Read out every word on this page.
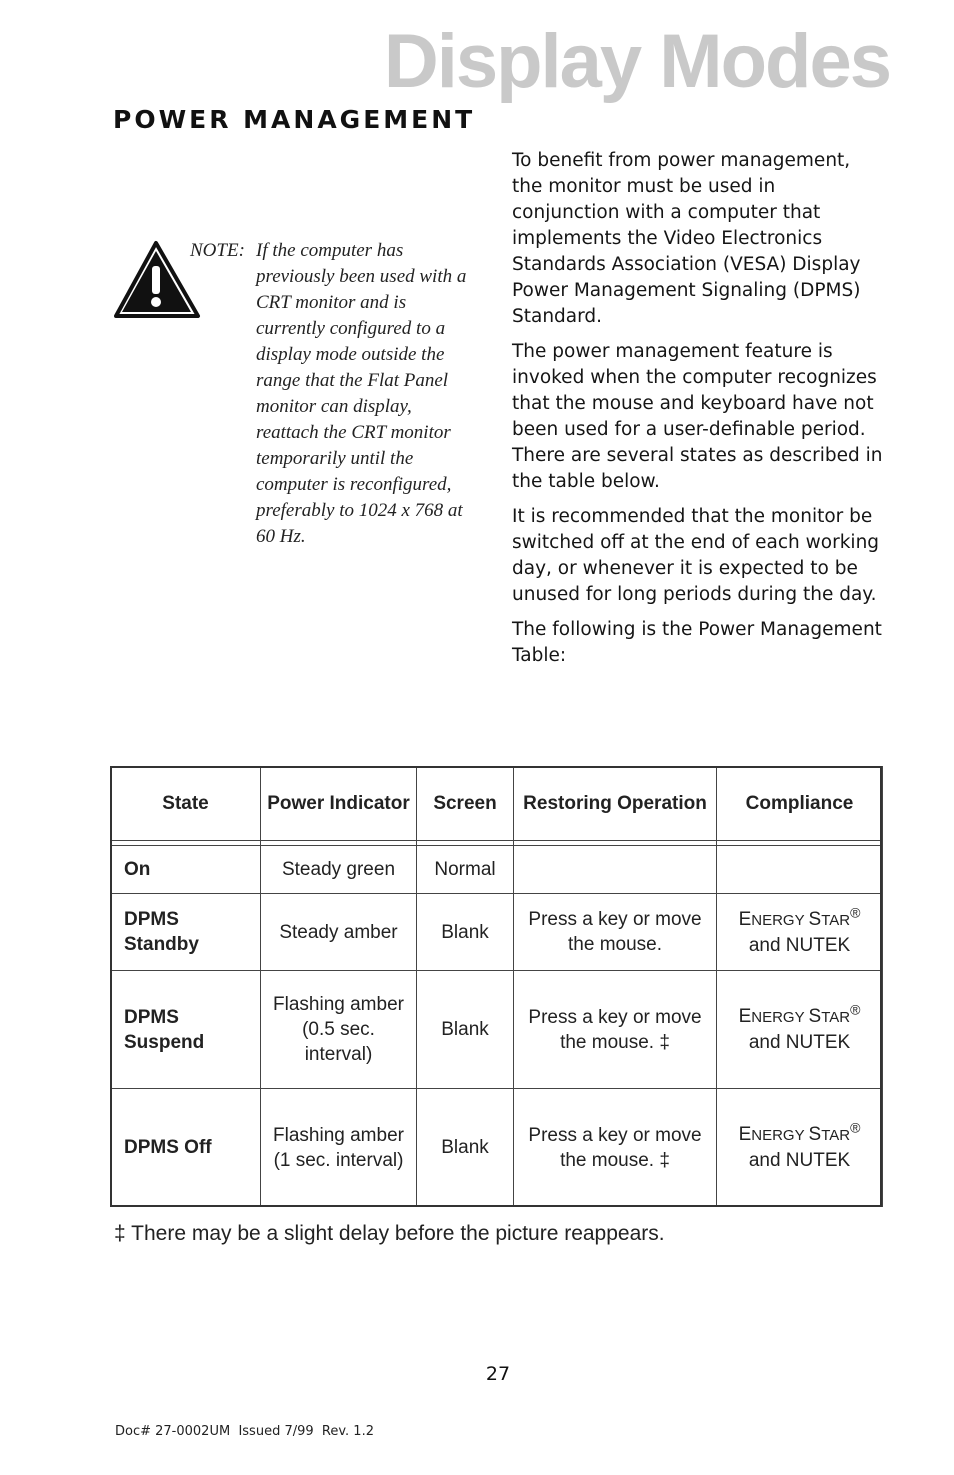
Display Modes
POWER MANAGEMENT
NOTE: If the computer has previously been used with a CRT monitor and is currently configured to a display mode outside the range that the Flat Panel monitor can display, reattach the CRT monitor temporarily until the computer is reconfigured, preferably to 1024 x 768 at 60 Hz.

To benefit from power management, the monitor must be used in conjunction with a computer that implements the Video Electronics Standards Association (VESA) Display Power Management Signaling (DPMS) Standard.

The power management feature is invoked when the computer recognizes that the mouse and keyboard have not been used for a user-definable period. There are several states as described in the table below.

It is recommended that the monitor be switched off at the end of each working day, or whenever it is expected to be unused for long periods during the day.

The following is the Power Management Table:

State	Power Indicator	Screen	Restoring Operation	Compliance

On	Steady green	Normal		
DPMS Standby	Steady amber	Blank	Press a key or move the mouse.	ENERGY STAR®
and NUTEK

DPMS Suspend	Flashing amber (0.5 sec. interval)	Blank	Press a key or move the mouse. ‡	ENERGY STAR®
and NUTEK

DPMS Off	Flashing amber (1 sec. interval)	Blank	Press a key or move the mouse. ‡	ENERGY STAR®
and NUTEK
‡ There may be a slight delay before the picture reappears.
27
Doc# 27-0002UM  Issued 7/99  Rev. 1.2
